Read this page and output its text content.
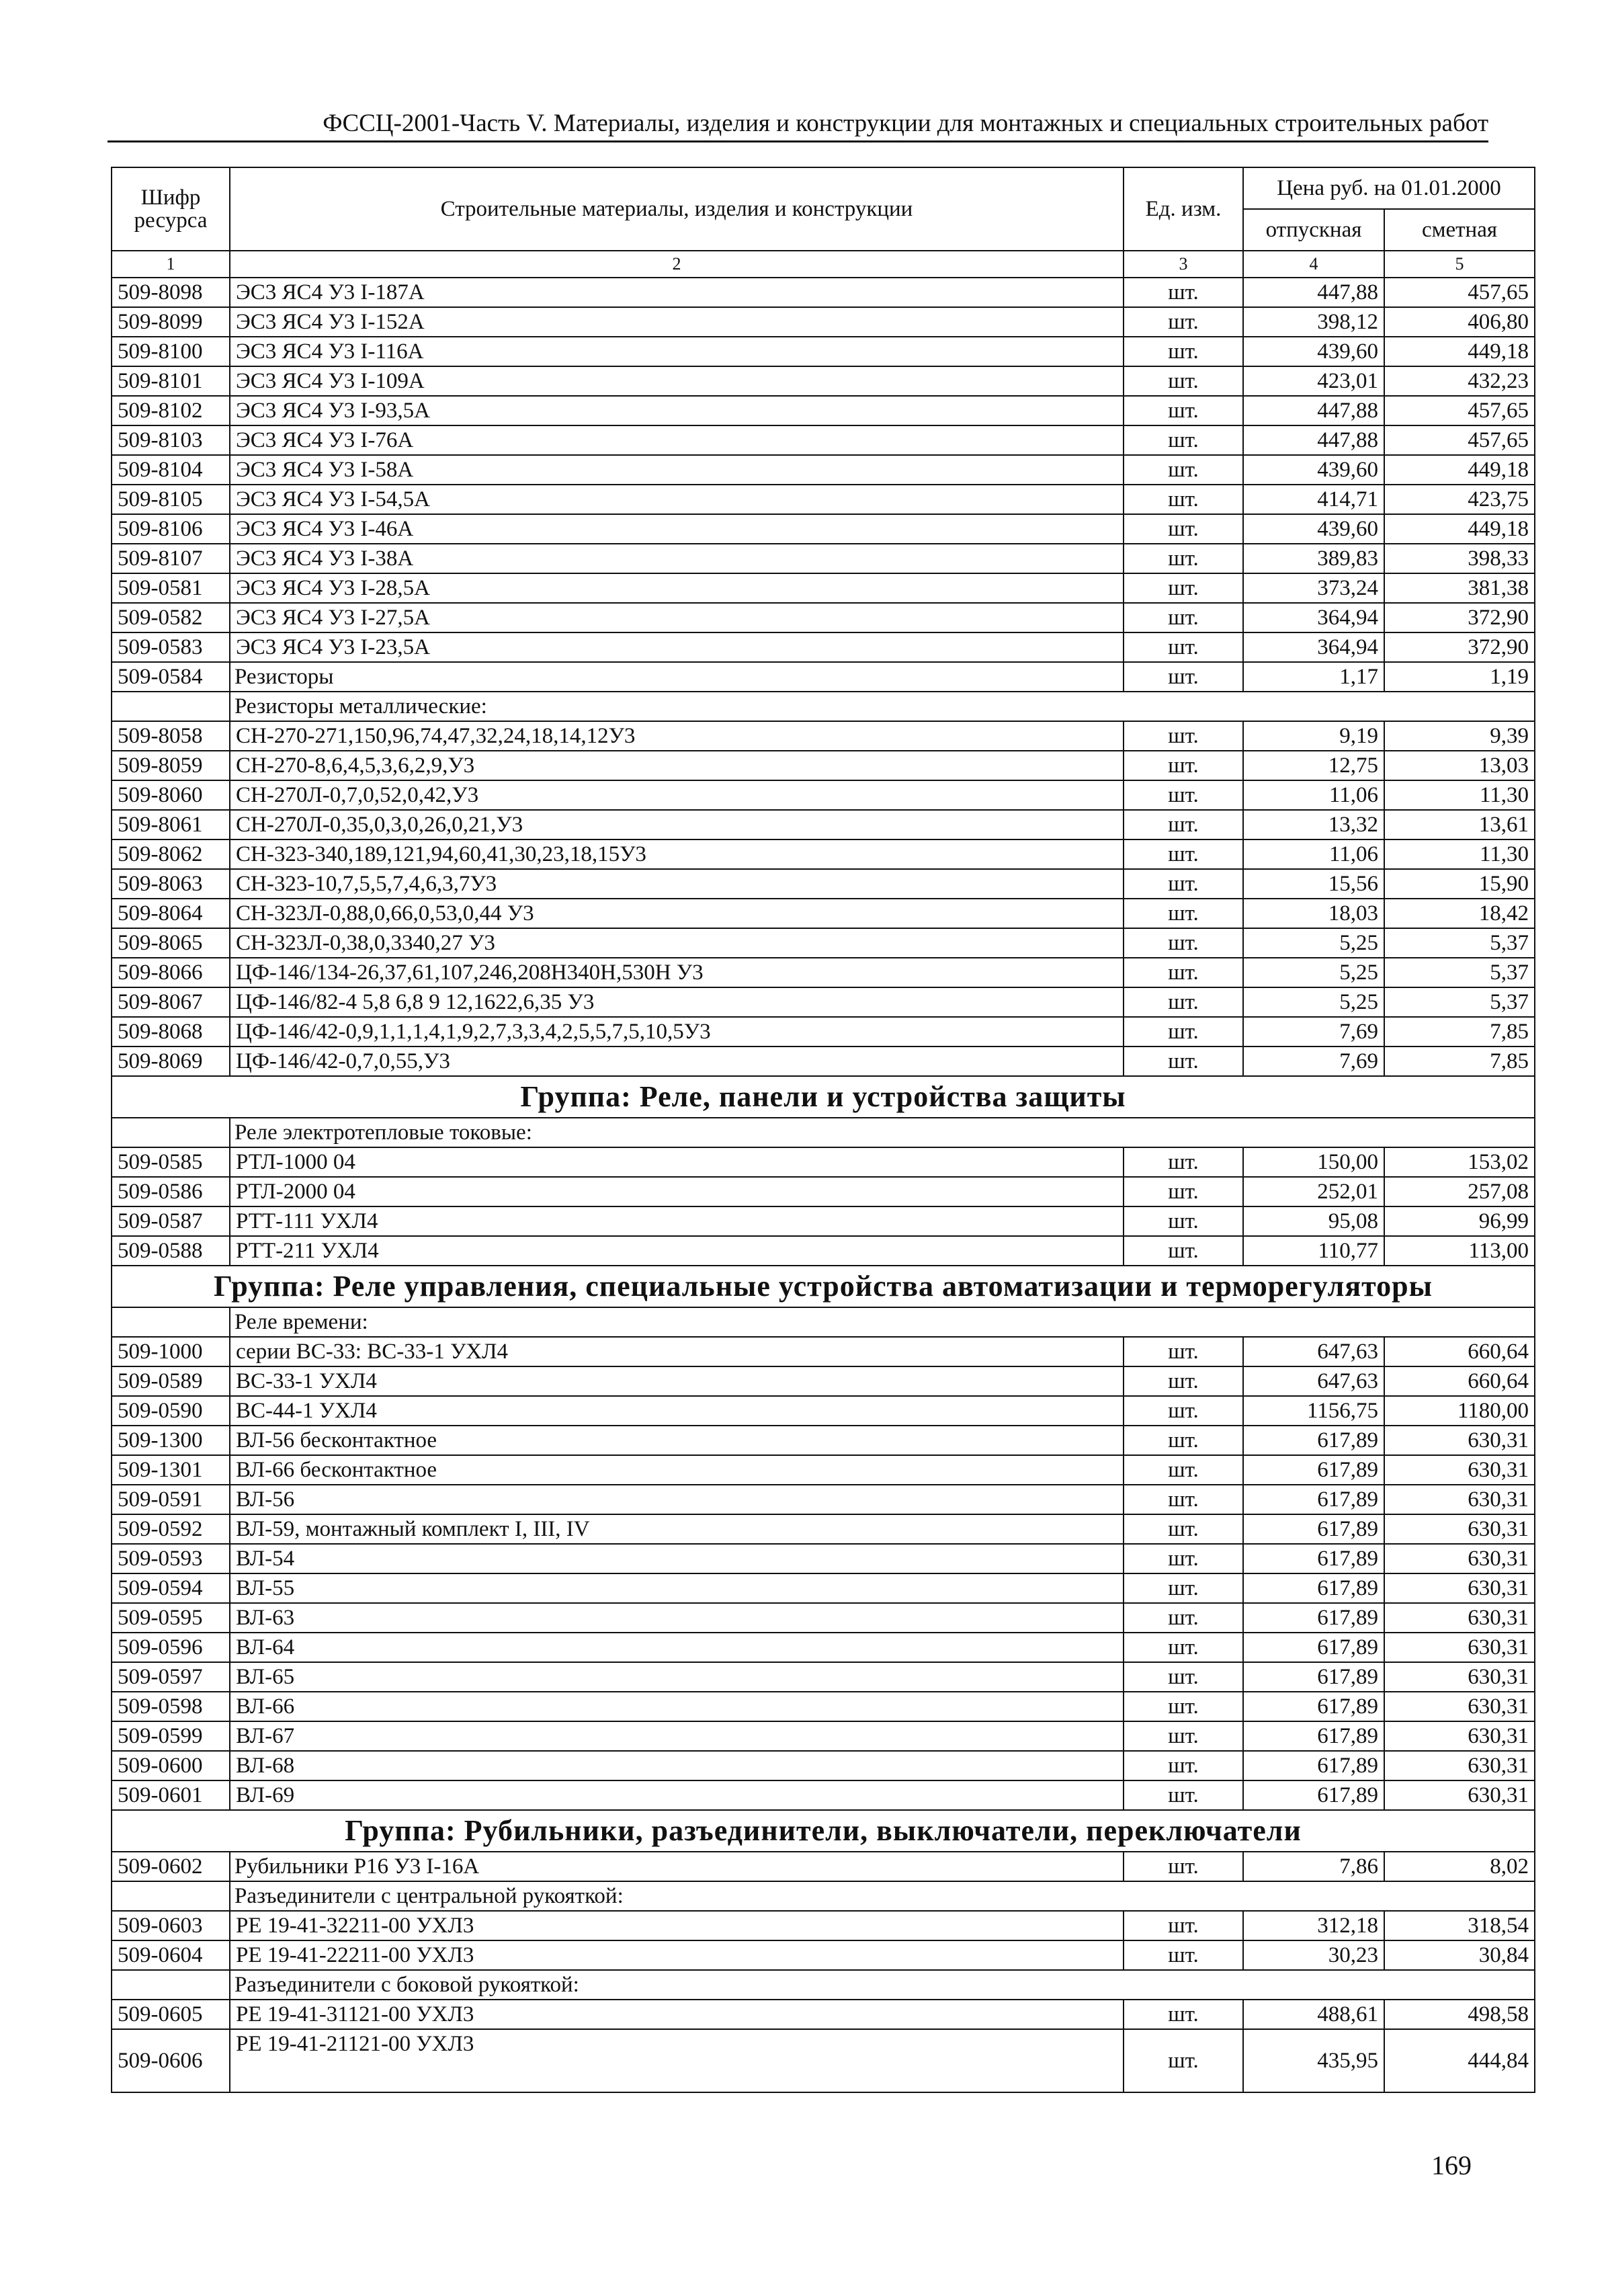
ФССЦ-2001-Часть V. Материалы, изделия и конструкции для монтажных и специальных строительных работ
Шифр ресурса	Строительные материалы, изделия и конструкции	Ед. изм.	Цена руб. на 01.01.2000	
			отпускная	сметная
1	2	3	4	5
509-8098	ЭС3 ЯС4 У3 I-187А	шт.	447,88	457,65
509-8099	ЭС3 ЯС4 У3 I-152А	шт.	398,12	406,80
509-8100	ЭС3 ЯС4 У3 I-116А	шт.	439,60	449,18
509-8101	ЭС3 ЯС4 У3 I-109А	шт.	423,01	432,23
509-8102	ЭС3 ЯС4 У3 I-93,5А	шт.	447,88	457,65
509-8103	ЭС3 ЯС4 У3 I-76А	шт.	447,88	457,65
509-8104	ЭС3 ЯС4 У3 I-58А	шт.	439,60	449,18
509-8105	ЭС3 ЯС4 У3 I-54,5А	шт.	414,71	423,75
509-8106	ЭС3 ЯС4 У3 I-46А	шт.	439,60	449,18
509-8107	ЭС3 ЯС4 У3 I-38А	шт.	389,83	398,33
509-0581	ЭС3 ЯС4 У3 I-28,5А	шт.	373,24	381,38
509-0582	ЭС3 ЯС4 У3 I-27,5А	шт.	364,94	372,90
509-0583	ЭС3 ЯС4 У3 I-23,5А	шт.	364,94	372,90
509-0584	Резисторы	шт.	1,17	1,19
	Резисторы металлические:			
509-8058	СН-270-271,150,96,74,47,32,24,18,14,12У3	шт.	9,19	9,39
509-8059	СН-270-8,6,4,5,3,6,2,9,У3	шт.	12,75	13,03
509-8060	СН-270Л-0,7,0,52,0,42,У3	шт.	11,06	11,30
509-8061	СН-270Л-0,35,0,3,0,26,0,21,У3	шт.	13,32	13,61
509-8062	СН-323-340,189,121,94,60,41,30,23,18,15У3	шт.	11,06	11,30
509-8063	СН-323-10,7,5,5,7,4,6,3,7У3	шт.	15,56	15,90
509-8064	СН-323Л-0,88,0,66,0,53,0,44 У3	шт.	18,03	18,42
509-8065	СН-323Л-0,38,0,3340,27 У3	шт.	5,25	5,37
509-8066	ЦФ-146/134-26,37,61,107,246,208Н340Н,530Н У3	шт.	5,25	5,37
509-8067	ЦФ-146/82-4 5,8 6,8 9 12,1622,6,35 У3	шт.	5,25	5,37
509-8068	ЦФ-146/42-0,9,1,1,1,4,1,9,2,7,3,3,4,2,5,5,7,5,10,5У3	шт.	7,69	7,85
509-8069	ЦФ-146/42-0,7,0,55,У3	шт.	7,69	7,85
Группа: Реле, панели и устройства защиты				
	Реле электротепловые токовые:			
509-0585	РТЛ-1000 04	шт.	150,00	153,02
509-0586	РТЛ-2000 04	шт.	252,01	257,08
509-0587	РТТ-111 УХЛ4	шт.	95,08	96,99
509-0588	РТТ-211 УХЛ4	шт.	110,77	113,00
Группа: Реле управления, специальные устройства автоматизации и терморегуляторы				
	Реле времени:			
509-1000	серии ВС-33: ВС-33-1 УХЛ4	шт.	647,63	660,64
509-0589	ВС-33-1 УХЛ4	шт.	647,63	660,64
509-0590	ВС-44-1 УХЛ4	шт.	1156,75	1180,00
509-1300	ВЛ-56 бесконтактное	шт.	617,89	630,31
509-1301	ВЛ-66 бесконтактное	шт.	617,89	630,31
509-0591	ВЛ-56	шт.	617,89	630,31
509-0592	ВЛ-59, монтажный комплект I, III, IV	шт.	617,89	630,31
509-0593	ВЛ-54	шт.	617,89	630,31
509-0594	ВЛ-55	шт.	617,89	630,31
509-0595	ВЛ-63	шт.	617,89	630,31
509-0596	ВЛ-64	шт.	617,89	630,31
509-0597	ВЛ-65	шт.	617,89	630,31
509-0598	ВЛ-66	шт.	617,89	630,31
509-0599	ВЛ-67	шт.	617,89	630,31
509-0600	ВЛ-68	шт.	617,89	630,31
509-0601	ВЛ-69	шт.	617,89	630,31
Группа: Рубильники, разъединители, выключатели, переключатели				
509-0602	Рубильники Р16 У3 I-16А	шт.	7,86	8,02
	Разъединители с центральной рукояткой:			
509-0603	РЕ 19-41-32211-00 УХЛ3	шт.	312,18	318,54
509-0604	РЕ 19-41-22211-00 УХЛ3	шт.	30,23	30,84
	Разъединители с боковой рукояткой:			
509-0605	РЕ 19-41-31121-00 УХЛ3	шт.	488,61	498,58
509-0606	РЕ 19-41-21121-00 УХЛ3	шт.	435,95	444,84
169
